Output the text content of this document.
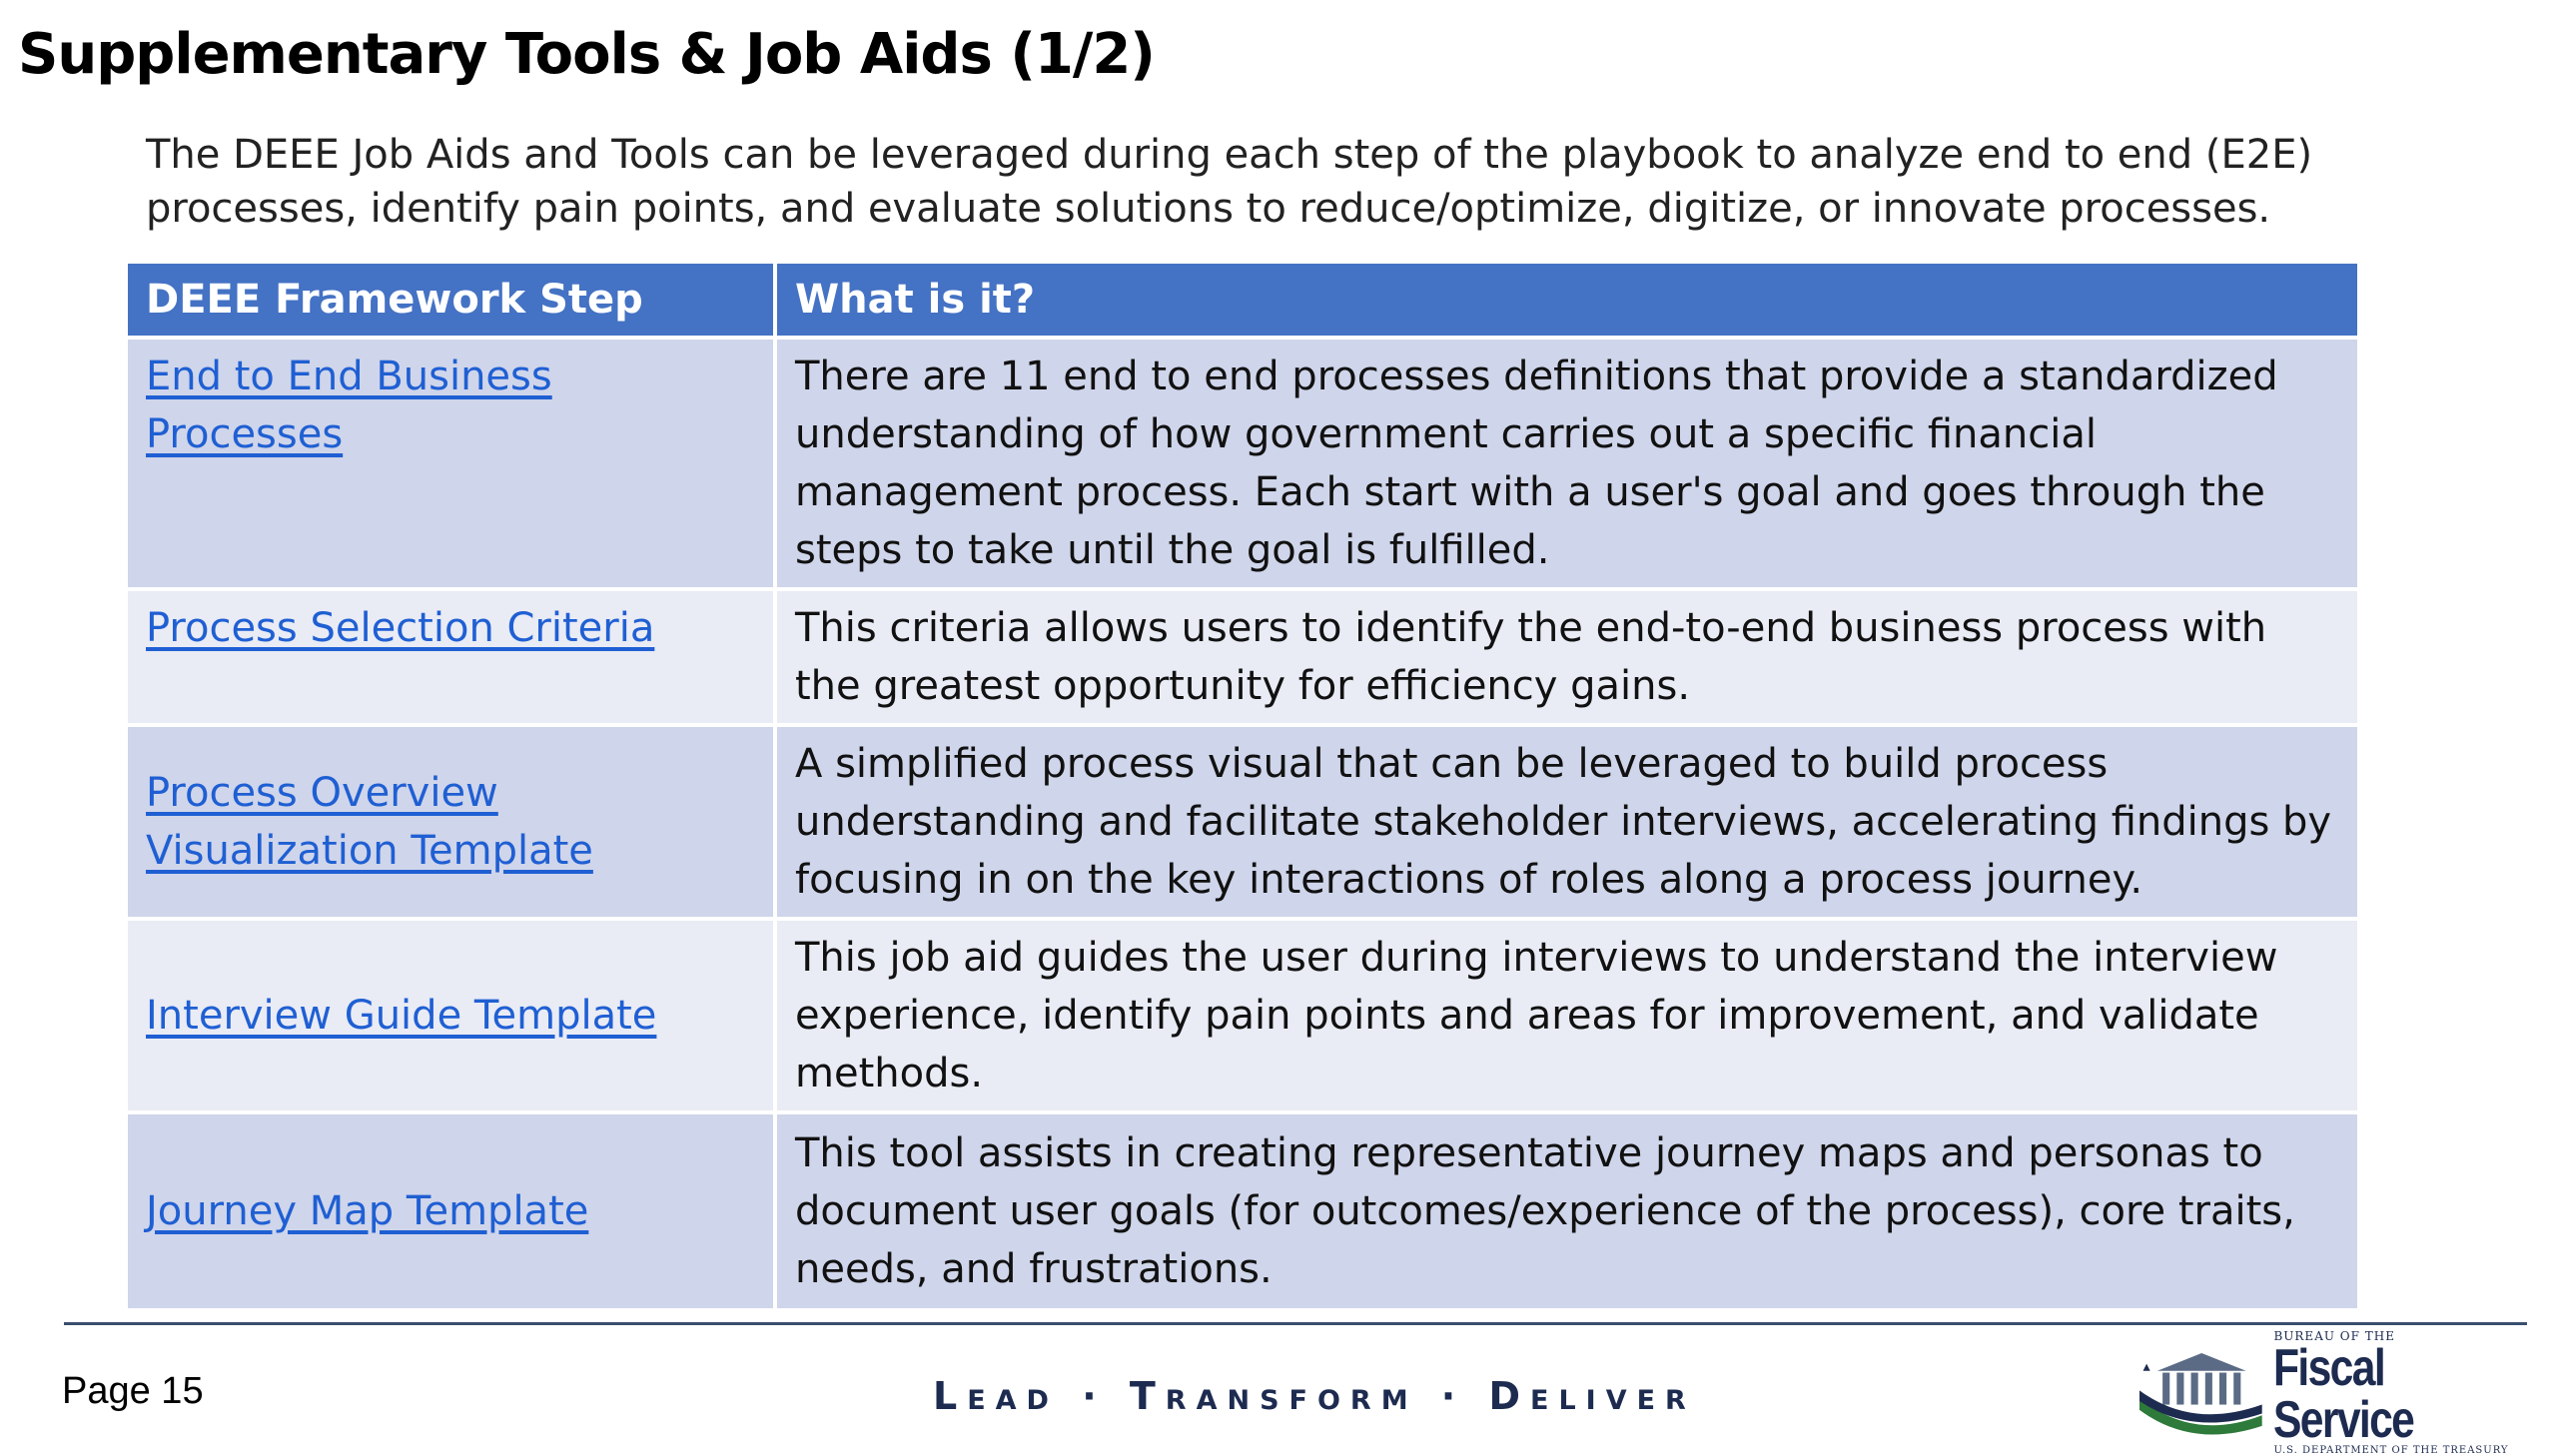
Supplementary Tools & Job Aids (1/2)
The DEEE Job Aids and Tools can be leveraged during each step of the playbook to analyze end to end (E2E) processes, identify pain points, and evaluate solutions to reduce/optimize, digitize, or innovate processes.
DEEE Framework Step	What is it?
End to End Business Processes	There are 11 end to end processes definitions that provide a standardized understanding of how government carries out a specific financial management process. Each start with a user's goal and goes through the steps to take until the goal is fulfilled.
Process Selection Criteria	This criteria allows users to identify the end-to-end business process with the greatest opportunity for efficiency gains.
Process Overview Visualization Template	A simplified process visual that can be leveraged to build process understanding and facilitate stakeholder interviews, accelerating findings by focusing in on the key interactions of roles along a process journey.
Interview Guide Template	This job aid guides the user during interviews to understand the interview experience, identify pain points and areas for improvement, and validate methods.
Journey Map Template	This tool assists in creating representative journey maps and personas to document user goals (for outcomes/experience of the process), core traits, needs, and frustrations.
Page 15	Lead · Transform · Deliver
BUREAU OF THE
Fiscal Service
U.S. DEPARTMENT OF THE TREASURY
